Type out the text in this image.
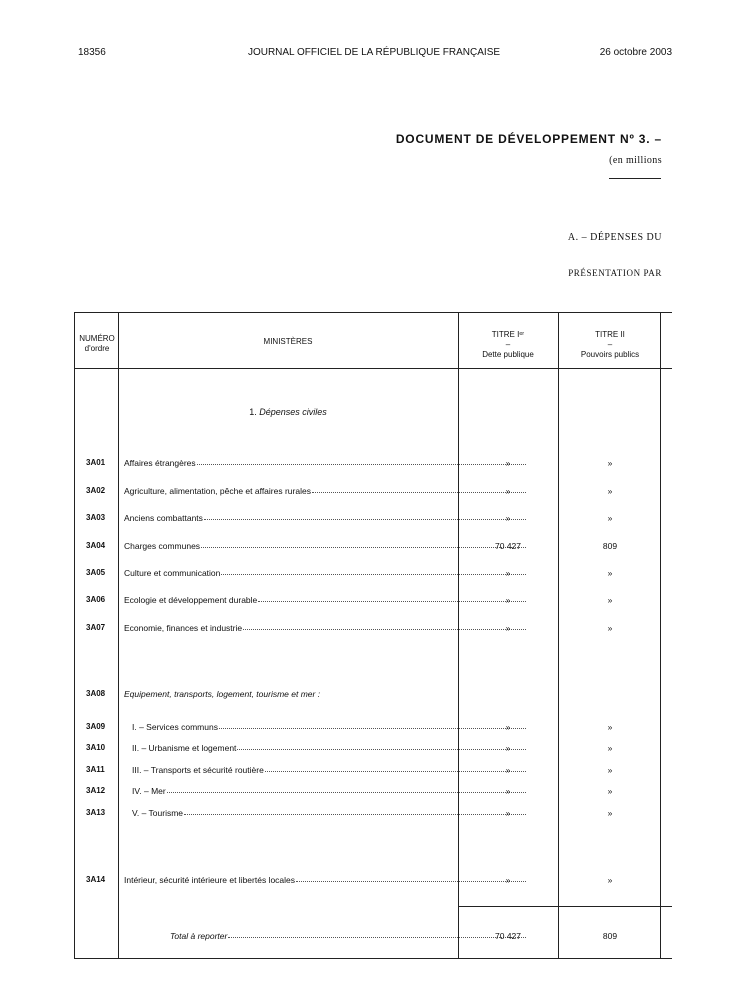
18356	JOURNAL OFFICIEL DE LA RÉPUBLIQUE FRANÇAISE	26 octobre 2003
DOCUMENT DE DÉVELOPPEMENT Nº 3. –
(en millions
A. – DÉPENSES DU
PRÉSENTATION PAR
NUMÉRO
d'ordre
MINISTÈRES
TITRE Iᵉʳ
–
Dette publique
TITRE II
–
Pouvoirs publics
1. Dépenses civiles
3A01	Affaires étrangères	»	»
3A02	Agriculture, alimentation, pêche et affaires rurales	»	»
3A03	Anciens combattants	»	»
3A04	Charges communes	70 427	809
3A05	Culture et communication	»	»
3A06	Ecologie et développement durable	»	»
3A07	Economie, finances et industrie	»	»
3A08	Equipement, transports, logement, tourisme et mer :
3A09	I. – Services communs	»	»
3A10	II. – Urbanisme et logement	»	»
3A11	III. – Transports et sécurité routière	»	»
3A12	IV. – Mer	»	»
3A13	V. – Tourisme	»	»
3A14	Intérieur, sécurité intérieure et libertés locales	»	»
Total à reporter	70 427	809
